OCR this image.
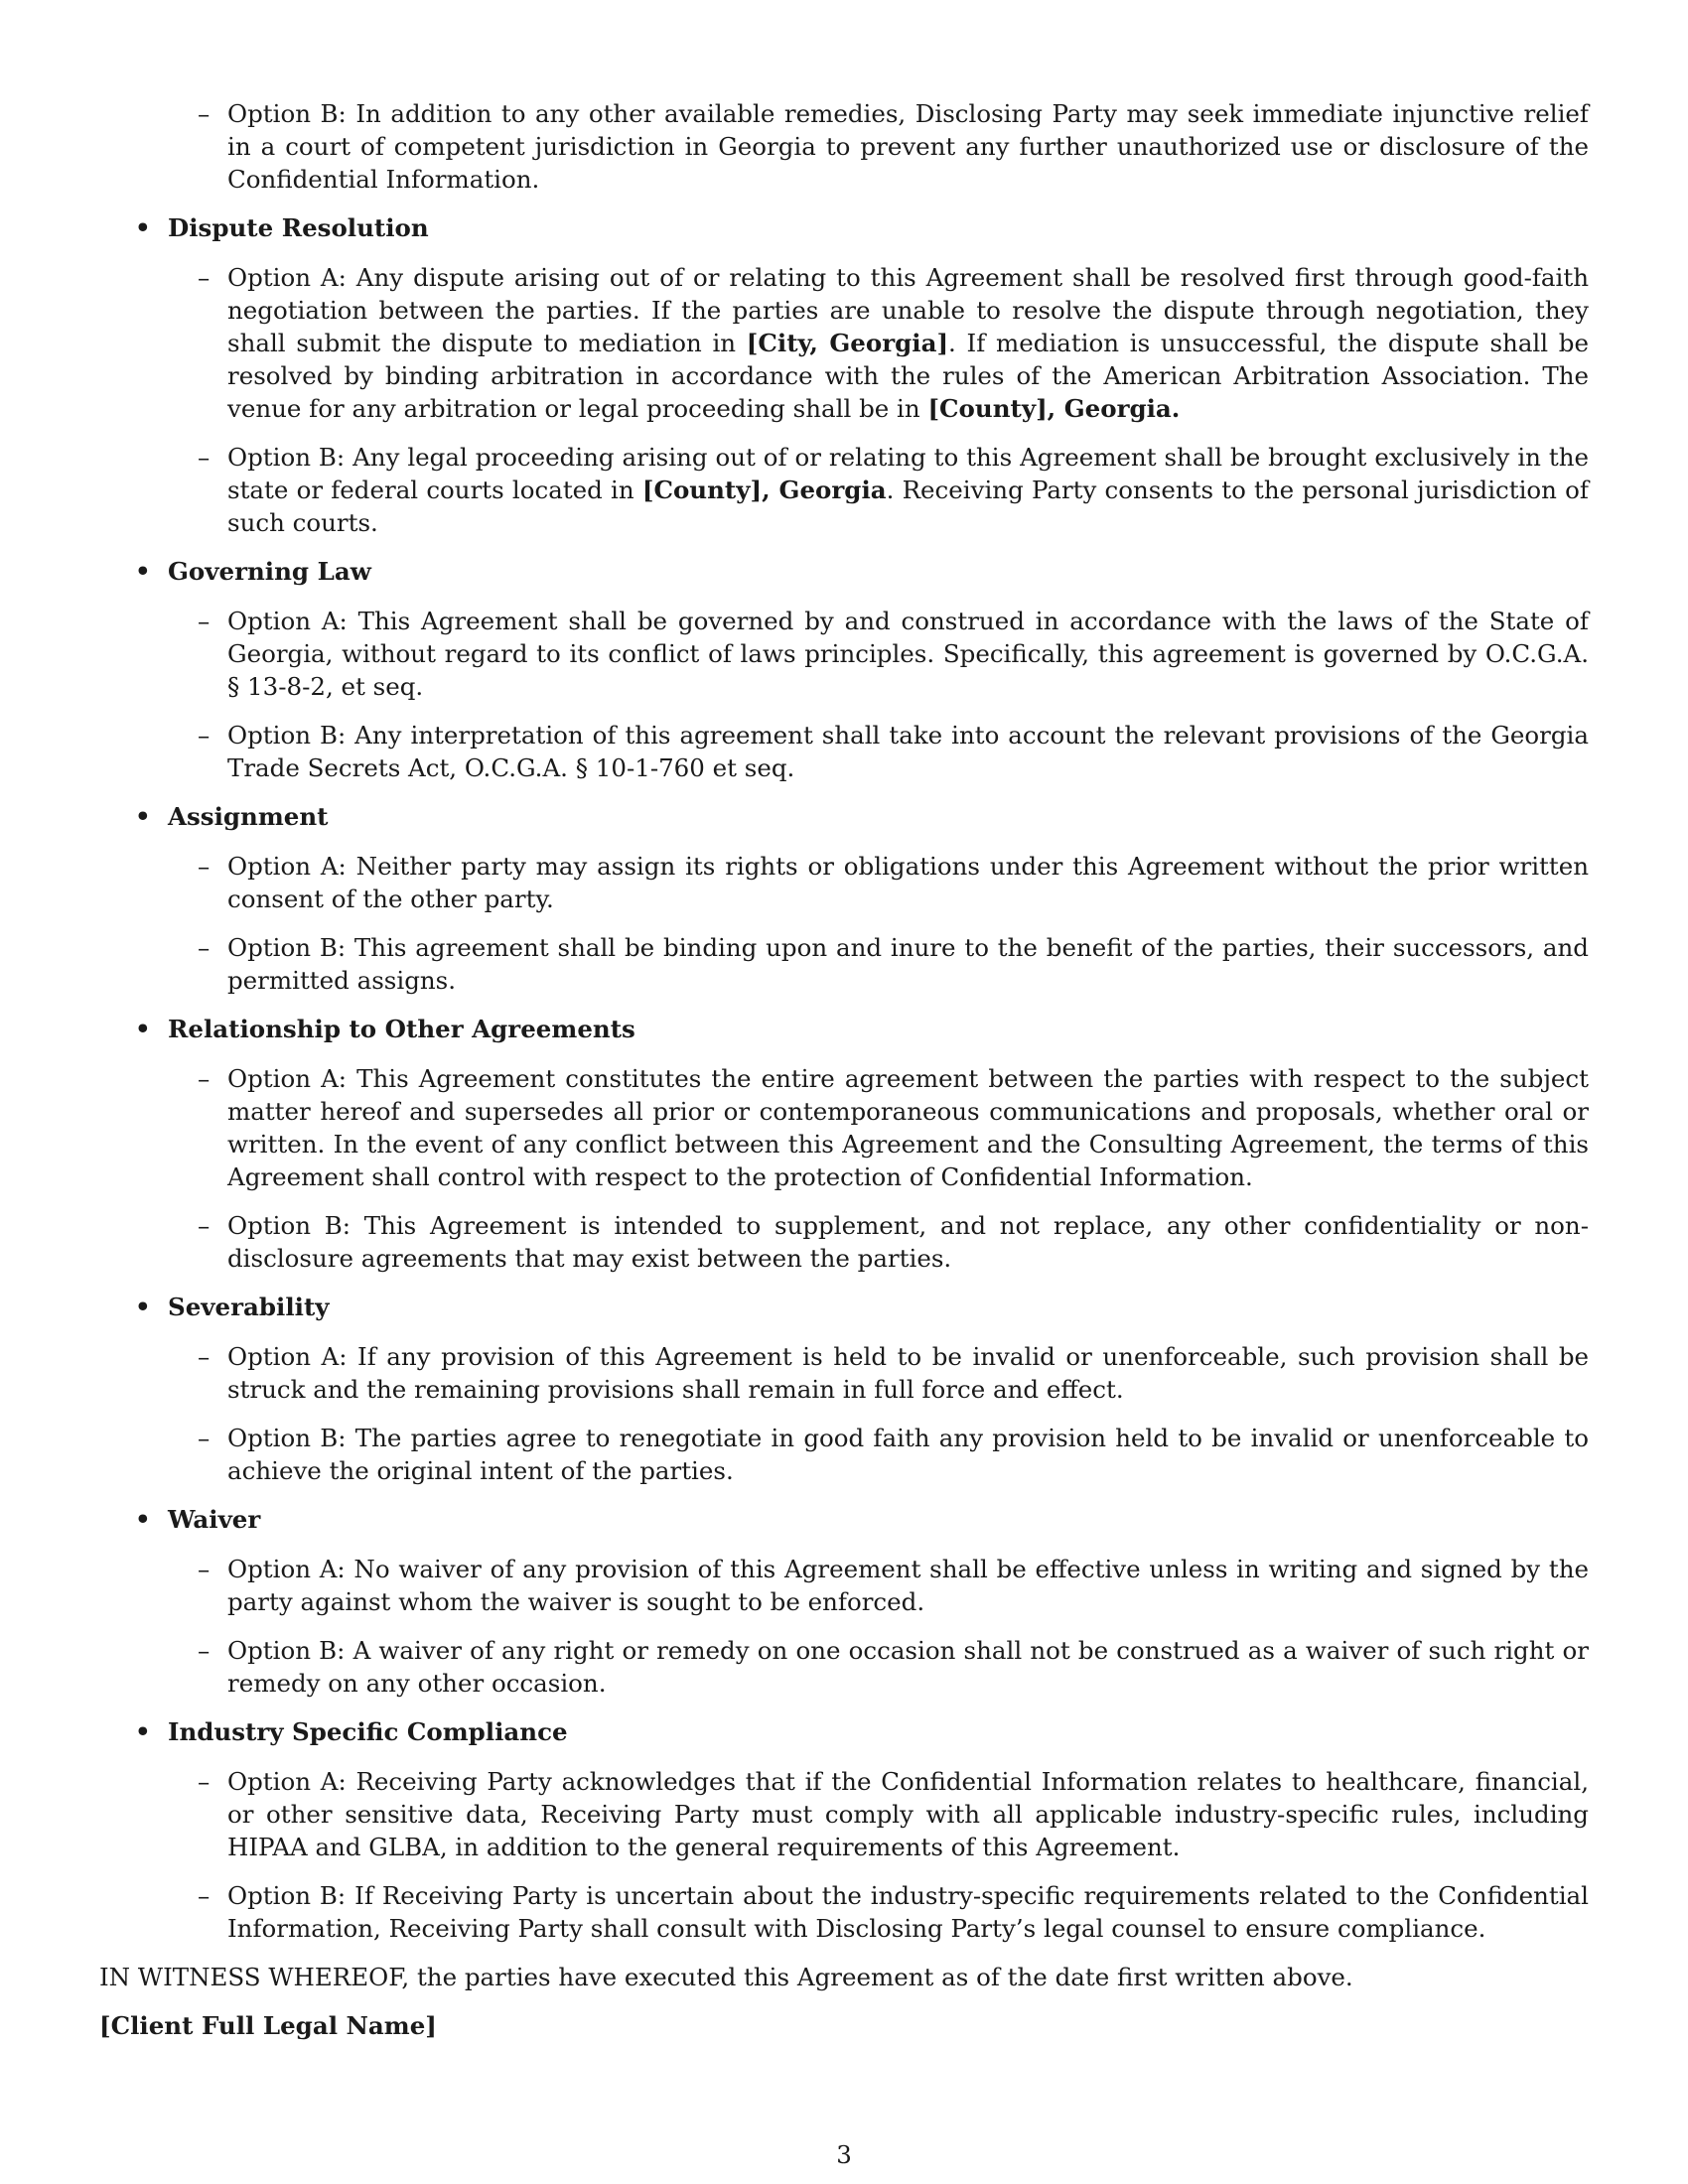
– Option B: In addition to any other available remedies, Disclosing Party may seek immediate injunctive relief in a court of competent jurisdiction in Georgia to prevent any further unauthorized use or disclosure of the Confidential Information.
• Dispute Resolution
– Option A: Any dispute arising out of or relating to this Agreement shall be resolved first through good-faith negotiation between the parties. If the parties are unable to resolve the dispute through negotiation, they shall submit the dispute to mediation in [City, Georgia]. If mediation is unsuccessful, the dispute shall be resolved by binding arbitration in accordance with the rules of the American Arbitration Association. The venue for any arbitration or legal proceeding shall be in [County], Georgia.
– Option B: Any legal proceeding arising out of or relating to this Agreement shall be brought exclusively in the state or federal courts located in [County], Georgia. Receiving Party consents to the personal jurisdiction of such courts.
• Governing Law
– Option A: This Agreement shall be governed by and construed in accordance with the laws of the State of Georgia, without regard to its conflict of laws principles. Specifically, this agreement is governed by O.C.G.A. § 13-8-2, et seq.
– Option B: Any interpretation of this agreement shall take into account the relevant provisions of the Georgia Trade Secrets Act, O.C.G.A. § 10-1-760 et seq.
• Assignment
– Option A: Neither party may assign its rights or obligations under this Agreement without the prior written consent of the other party.
– Option B: This agreement shall be binding upon and inure to the benefit of the parties, their successors, and permitted assigns.
• Relationship to Other Agreements
– Option A: This Agreement constitutes the entire agreement between the parties with respect to the subject matter hereof and supersedes all prior or contemporaneous communications and proposals, whether oral or written. In the event of any conflict between this Agreement and the Consulting Agreement, the terms of this Agreement shall control with respect to the protection of Confidential Information.
– Option B: This Agreement is intended to supplement, and not replace, any other confidentiality or non-disclosure agreements that may exist between the parties.
• Severability
– Option A: If any provision of this Agreement is held to be invalid or unenforceable, such provision shall be struck and the remaining provisions shall remain in full force and effect.
– Option B: The parties agree to renegotiate in good faith any provision held to be invalid or unenforceable to achieve the original intent of the parties.
• Waiver
– Option A: No waiver of any provision of this Agreement shall be effective unless in writing and signed by the party against whom the waiver is sought to be enforced.
– Option B: A waiver of any right or remedy on one occasion shall not be construed as a waiver of such right or remedy on any other occasion.
• Industry Specific Compliance
– Option A: Receiving Party acknowledges that if the Confidential Information relates to healthcare, financial, or other sensitive data, Receiving Party must comply with all applicable industry-specific rules, including HIPAA and GLBA, in addition to the general requirements of this Agreement.
– Option B: If Receiving Party is uncertain about the industry-specific requirements related to the Confidential Information, Receiving Party shall consult with Disclosing Party’s legal counsel to ensure compliance.

IN WITNESS WHEREOF, the parties have executed this Agreement as of the date first written above.

[Client Full Legal Name]

3
